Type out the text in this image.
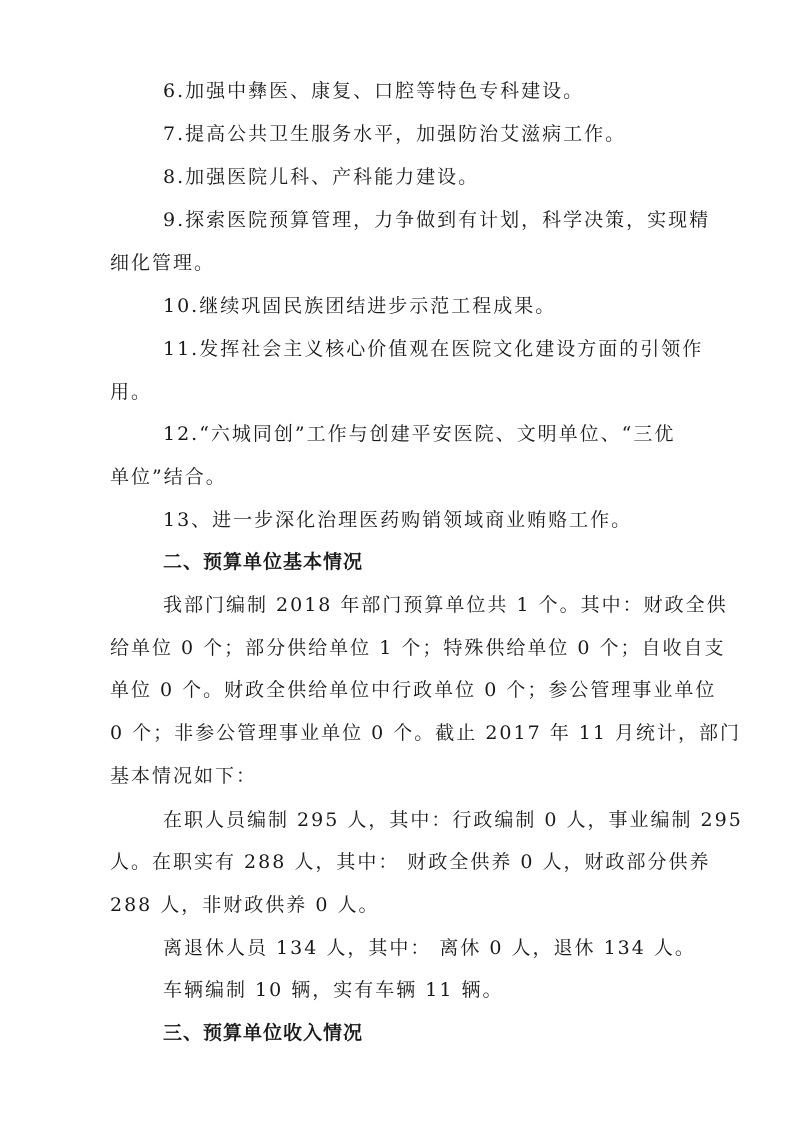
6.加强中彝医、康复、口腔等特色专科建设。
7.提高公共卫生服务水平，加强防治艾滋病工作。
8.加强医院儿科、产科能力建设。
9.探索医院预算管理，力争做到有计划，科学决策，实现精
细化管理。
10.继续巩固民族团结进步示范工程成果。
11.发挥社会主义核心价值观在医院文化建设方面的引领作
用。
12.“六城同创”工作与创建平安医院、文明单位、“三优
单位”结合。
13、进一步深化治理医药购销领域商业贿赂工作。
二、预算单位基本情况
我部门编制 2018 年部门预算单位共 1 个。其中：财政全供
给单位 0 个；部分供给单位 1 个；特殊供给单位 0 个；自收自支
单位 0 个。财政全供给单位中行政单位 0 个；参公管理事业单位
0 个；非参公管理事业单位 0 个。截止 2017 年 11 月统计，部门
基本情况如下：
在职人员编制 295 人，其中：行政编制 0 人，事业编制 295
人。在职实有 288 人，其中： 财政全供养 0 人，财政部分供养
288 人，非财政供养 0 人。
离退休人员 134 人，其中： 离休 0 人，退休 134 人。
车辆编制 10 辆，实有车辆 11 辆。
三、预算单位收入情况
